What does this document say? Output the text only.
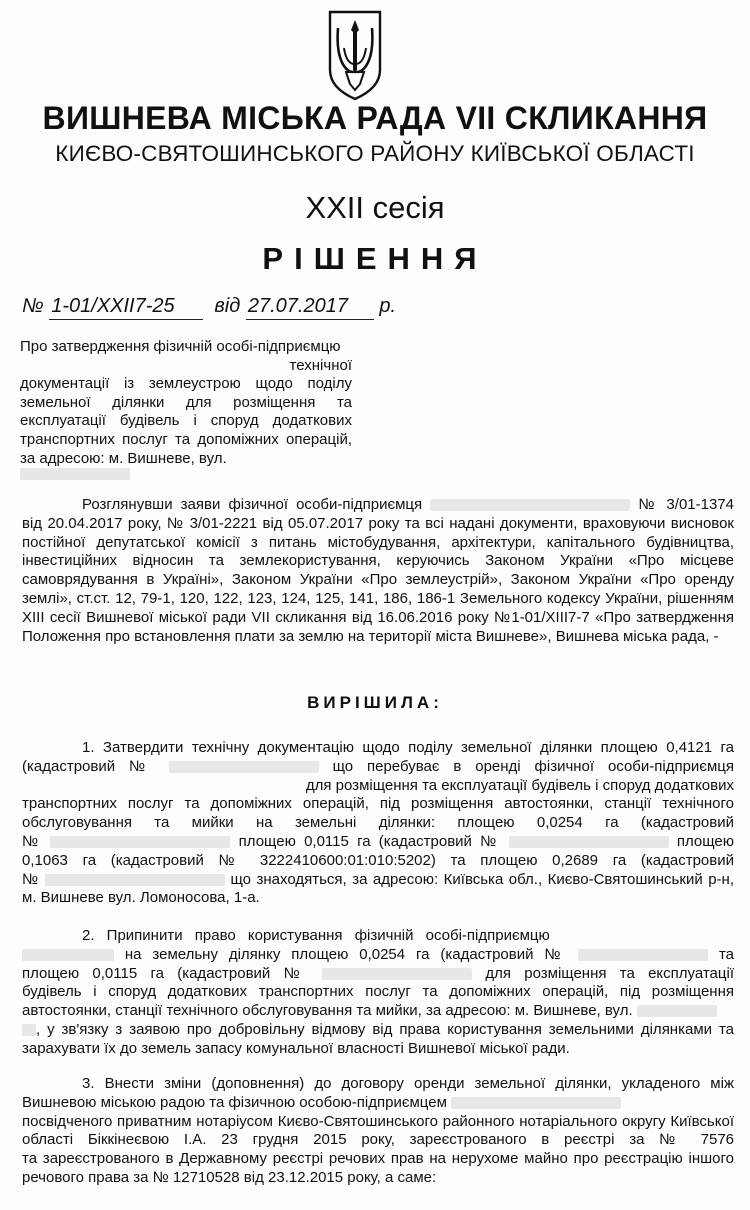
ВИШНЕВА МІСЬКА РАДА VII СКЛИКАННЯ
КИЄВО-СВЯТОШИНСЬКОГО РАЙОНУ КИЇВСЬКОЇ ОБЛАСТІ
XXII сесія
РІШЕННЯ
№ 1-01/XXII7-25 від 27.07.2017 р.
Про затвердження фізичній особі-підприємцю
технічної
документації із землеустрою щодо поділу
земельної ділянки для розміщення та
експлуатації будівель і споруд додаткових
транспортних послуг та допоміжних операцій,
за адресою: м. Вишневе, вул.
Розглянувши заяви фізичної особи-підприємця	№ 3/01-1374
від 20.04.2017 року, № 3/01-2221 від 05.07.2017 року та всі надані документи, враховуючи висновок
постійної депутатської комісії з питань містобудування, архітектури, капітального будівництва,
інвестиційних відносин та землекористування, керуючись Законом України «Про місцеве
самоврядування в Україні», Законом України «Про землеустрій», Законом України «Про оренду
землі», ст.ст. 12, 79-1, 120, 122, 123, 124, 125, 141, 186, 186-1 Земельного кодексу України, рішенням
XIII сесії Вишневої міської ради VII скликання від 16.06.2016 року №1-01/XIII7-7 «Про затвердження
Положення про встановлення плати за землю на території міста Вишневе», Вишнева міська рада, -
ВИРІШИЛА:
1. Затвердити технічну документацію щодо поділу земельної ділянки площею 0,4121 га
(кадастровий №	що перебуває в оренді фізичної особи-підприємця
для розміщення та експлуатації будівель і споруд додаткових
транспортних послуг та допоміжних операцій, під розміщення автостоянки, станції технічного
обслуговування та мийки на земельні ділянки: площею 0,0254 га (кадастровий
№	площею 0,0115 га (кадастровий №	площею
0,1063 га (кадастровий № 3222410600:01:010:5202) та площею 0,2689 га (кадастровий
№	що знаходяться, за адресою: Київська обл., Києво-Святошинський р-н,
м. Вишневе вул. Ломоносова, 1-а.
2. Припинити право користування фізичній особі-підприємцю
на земельну ділянку площею 0,0254 га (кадастровий №	та
площею 0,0115 га (кадастровий №	для розміщення та експлуатації
будівель і споруд додаткових транспортних послуг та допоміжних операцій, під розміщення
автостоянки, станції технічного обслуговування та мийки, за адресою: м. Вишневе, вул.
, у зв'язку з заявою про добровільну відмову від права користування земельними ділянками та
зарахувати їх до земель запасу комунальної власності Вишневої міської ради.
3. Внести зміни (доповнення) до договору оренди земельної ділянки, укладеного між
Вишневою міською радою та фізичною особою-підприємцем
посвідченого приватним нотаріусом Києво-Святошинського районного нотаріального округу Київської
області Біккінеєвою І.А. 23 грудня 2015 року, зареєстрованого в реєстрі за № 7576
та зареєстрованого в Державному реєстрі речових прав на нерухоме майно про реєстрацію іншого
речового права за № 12710528 від 23.12.2015 року, а саме:
